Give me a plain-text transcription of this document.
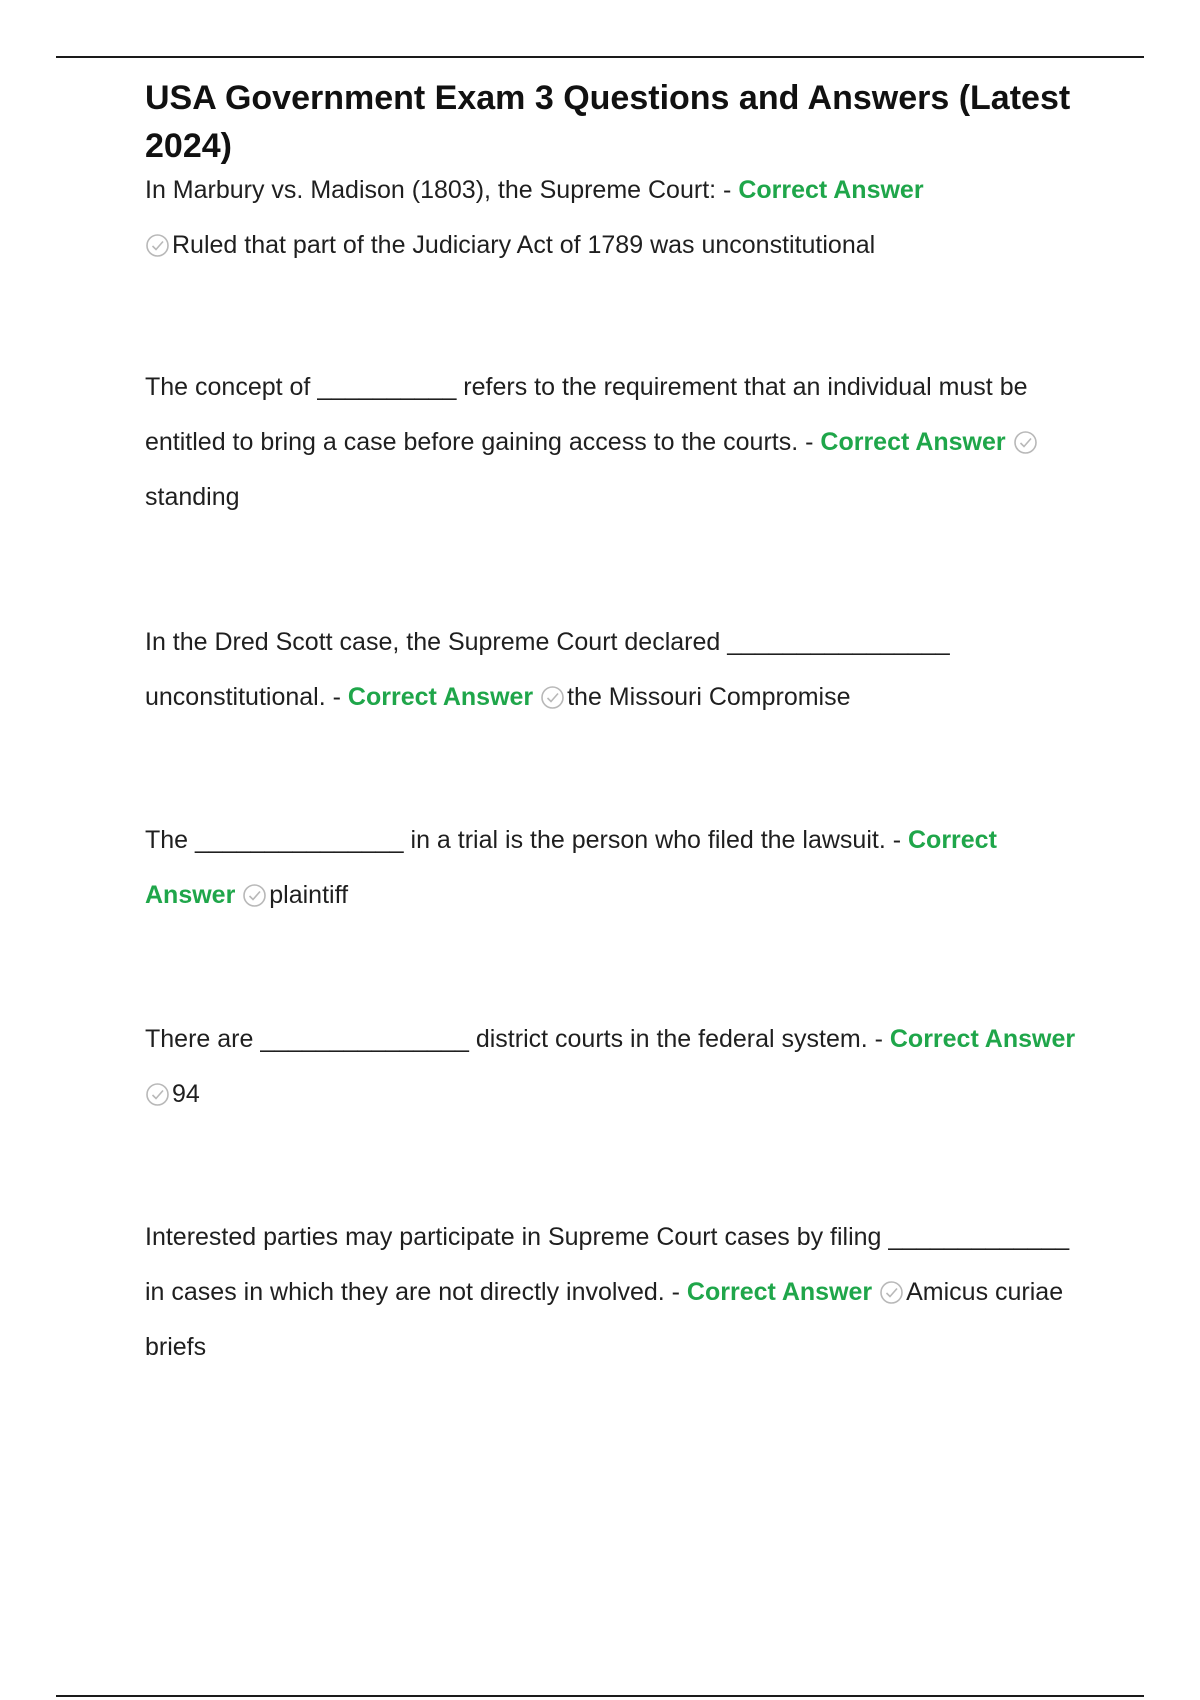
USA Government Exam 3 Questions and Answers (Latest 2024)

In Marbury vs. Madison (1803), the Supreme Court: - Correct Answer

Ruled that part of the Judiciary Act of 1789 was unconstitutional

The concept of __________ refers to the requirement that an individual must be entitled to bring a case before gaining access to the courts. - Correct Answer
standing

In the Dred Scott case, the Supreme Court declared ________________ unconstitutional. - Correct Answer the Missouri Compromise

The _______________ in a trial is the person who filed the lawsuit. - Correct Answer plaintiff

There are _______________ district courts in the federal system. - Correct Answer
94

Interested parties may participate in Supreme Court cases by filing _____________ in cases in which they are not directly involved. - Correct Answer Amicus curiae briefs
